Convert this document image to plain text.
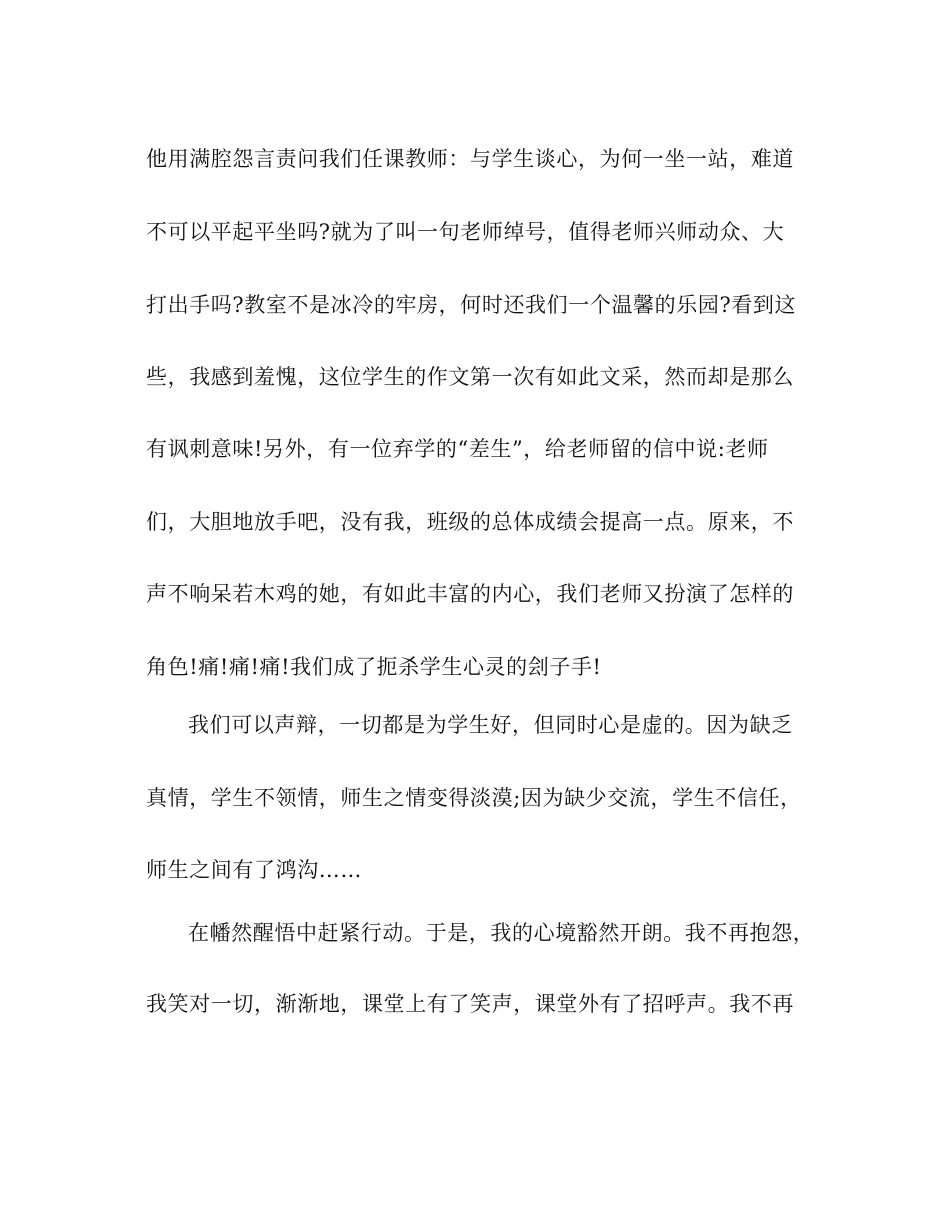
他用满腔怨言责问我们任课教师：与学生谈心，为何一坐一站，难道

不可以平起平坐吗?就为了叫一句老师绰号，值得老师兴师动众、大

打出手吗?教室不是冰冷的牢房，何时还我们一个温馨的乐园?看到这

些，我感到羞愧，这位学生的作文第一次有如此文采，然而却是那么

有讽刺意味!另外，有一位弃学的“差生”，给老师留的信中说:老师

们，大胆地放手吧，没有我，班级的总体成绩会提高一点。原来，不

声不响呆若木鸡的她，有如此丰富的内心，我们老师又扮演了怎样的

角色!痛!痛!痛!我们成了扼杀学生心灵的刽子手!

我们可以声辩，一切都是为学生好，但同时心是虚的。因为缺乏

真情，学生不领情，师生之情变得淡漠;因为缺少交流，学生不信任，

师生之间有了鸿沟……

在幡然醒悟中赶紧行动。于是，我的心境豁然开朗。我不再抱怨，

我笑对一切，渐渐地，课堂上有了笑声，课堂外有了招呼声。我不再
